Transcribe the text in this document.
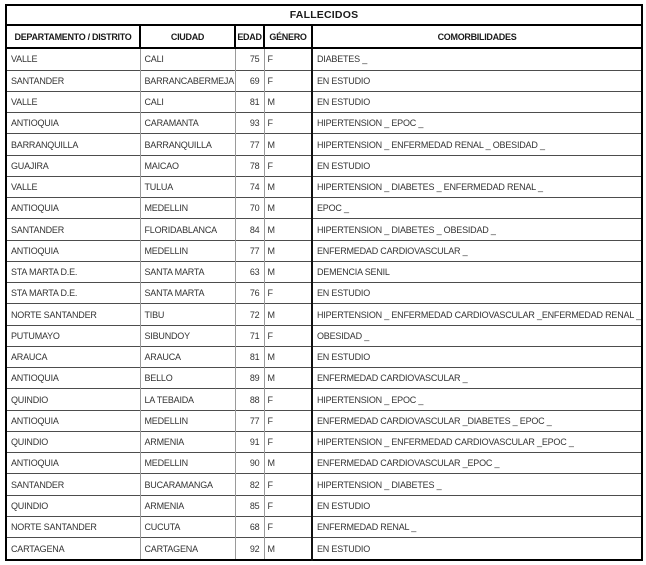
FALLECIDOS				
DEPARTAMENTO / DISTRITO	CIUDAD	EDAD	GÉNERO	COMORBILIDADES
VALLE	CALI	75	F	DIABETES _
SANTANDER	BARRANCABERMEJA	69	F	EN ESTUDIO
VALLE	CALI	81	M	EN ESTUDIO
ANTIOQUIA	CARAMANTA	93	F	HIPERTENSION _ EPOC _
BARRANQUILLA	BARRANQUILLA	77	M	HIPERTENSION _ ENFERMEDAD RENAL _ OBESIDAD _
GUAJIRA	MAICAO	78	F	EN ESTUDIO
VALLE	TULUA	74	M	HIPERTENSION _ DIABETES _ ENFERMEDAD RENAL _
ANTIOQUIA	MEDELLIN	70	M	EPOC _
SANTANDER	FLORIDABLANCA	84	M	HIPERTENSION _ DIABETES _ OBESIDAD _
ANTIOQUIA	MEDELLIN	77	M	ENFERMEDAD CARDIOVASCULAR _
STA MARTA D.E.	SANTA MARTA	63	M	DEMENCIA SENIL
STA MARTA D.E.	SANTA MARTA	76	F	EN ESTUDIO
NORTE SANTANDER	TIBU	72	M	HIPERTENSION _ ENFERMEDAD CARDIOVASCULAR _ENFERMEDAD RENAL _
PUTUMAYO	SIBUNDOY	71	F	OBESIDAD _
ARAUCA	ARAUCA	81	M	EN ESTUDIO
ANTIOQUIA	BELLO	89	M	ENFERMEDAD CARDIOVASCULAR _
QUINDIO	LA TEBAIDA	88	F	HIPERTENSION _ EPOC _
ANTIOQUIA	MEDELLIN	77	F	ENFERMEDAD CARDIOVASCULAR _DIABETES _ EPOC _
QUINDIO	ARMENIA	91	F	HIPERTENSION _ ENFERMEDAD CARDIOVASCULAR _EPOC _
ANTIOQUIA	MEDELLIN	90	M	ENFERMEDAD CARDIOVASCULAR _EPOC _
SANTANDER	BUCARAMANGA	82	F	HIPERTENSION _ DIABETES _
QUINDIO	ARMENIA	85	F	EN ESTUDIO
NORTE SANTANDER	CUCUTA	68	F	ENFERMEDAD RENAL _
CARTAGENA	CARTAGENA	92	M	EN ESTUDIO
